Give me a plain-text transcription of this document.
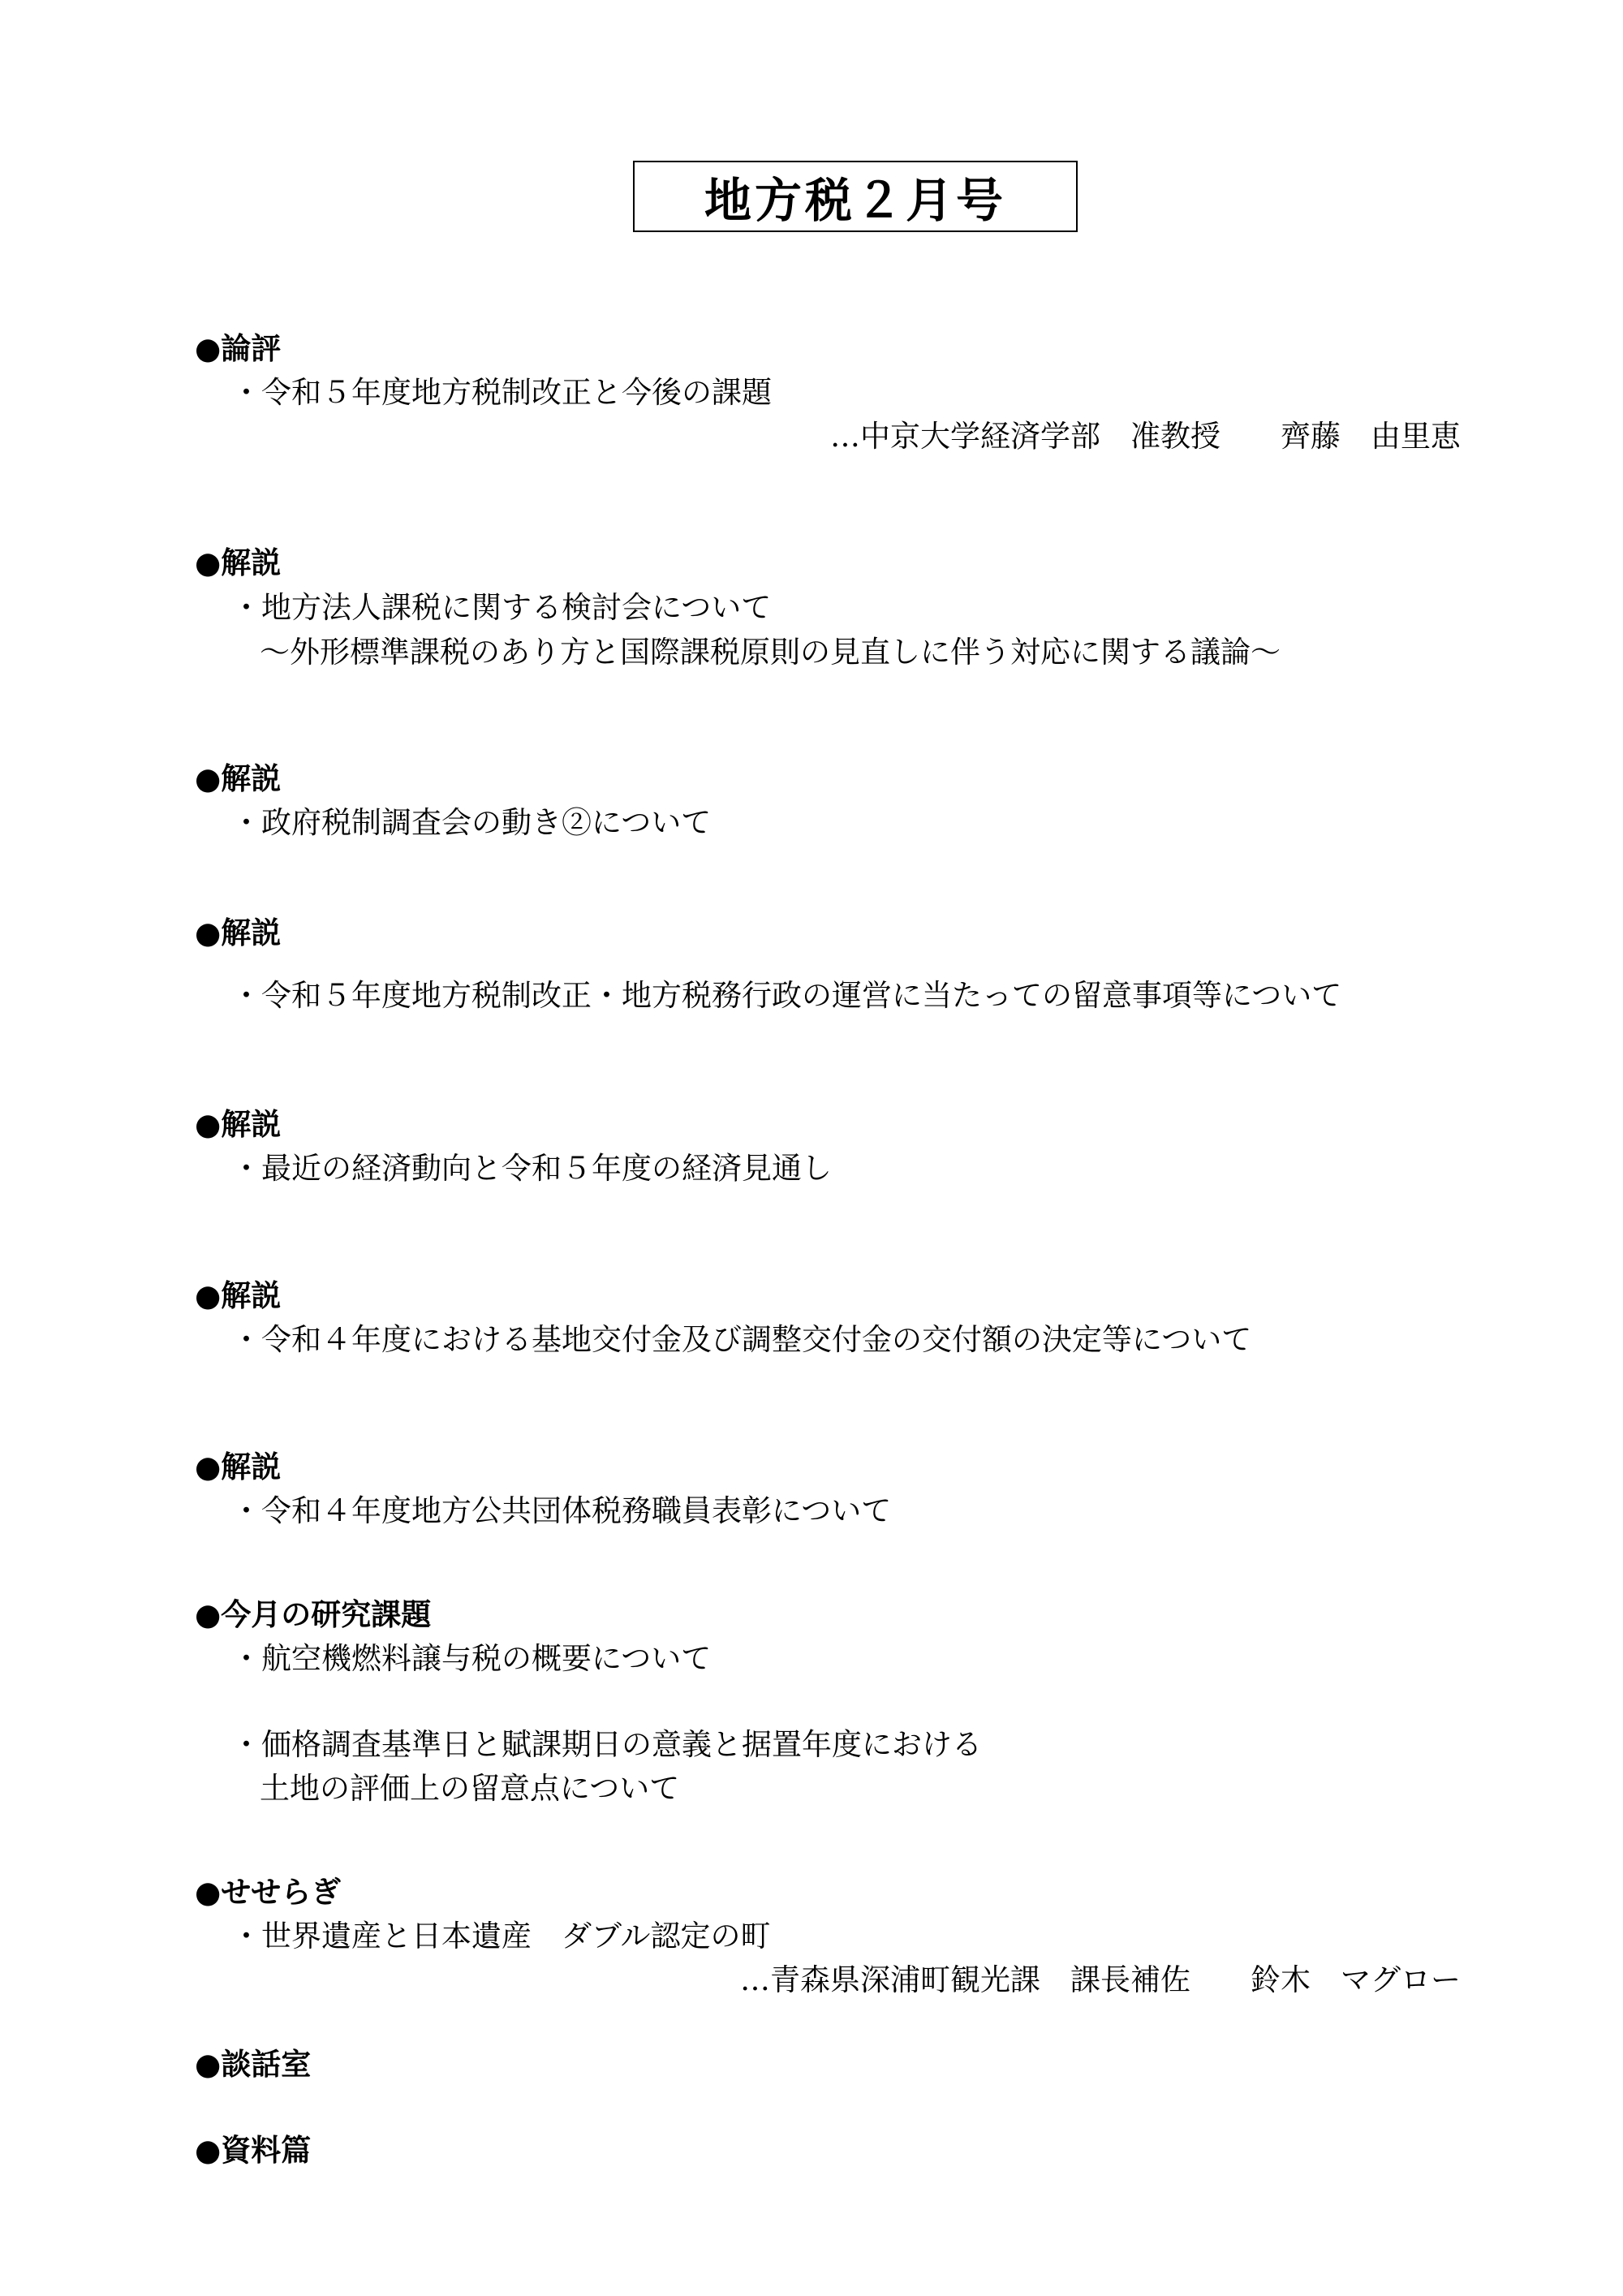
地方税２月号
●論評
・令和５年度地方税制改正と今後の課題
…中京大学経済学部　准教授　　齊藤　由里恵
●解説
・地方法人課税に関する検討会について
～外形標準課税のあり方と国際課税原則の見直しに伴う対応に関する議論～
●解説
・政府税制調査会の動き②について
●解説
・令和５年度地方税制改正・地方税務行政の運営に当たっての留意事項等について
●解説
・最近の経済動向と令和５年度の経済見通し
●解説
・令和４年度における基地交付金及び調整交付金の交付額の決定等について
●解説
・令和４年度地方公共団体税務職員表彰について
●今月の研究課題
・航空機燃料譲与税の概要について
・価格調査基準日と賦課期日の意義と据置年度における
土地の評価上の留意点について
●せせらぎ
・世界遺産と日本遺産　ダブル認定の町
…青森県深浦町観光課　課長補佐　　鈴木　マグロー
●談話室
●資料篇
